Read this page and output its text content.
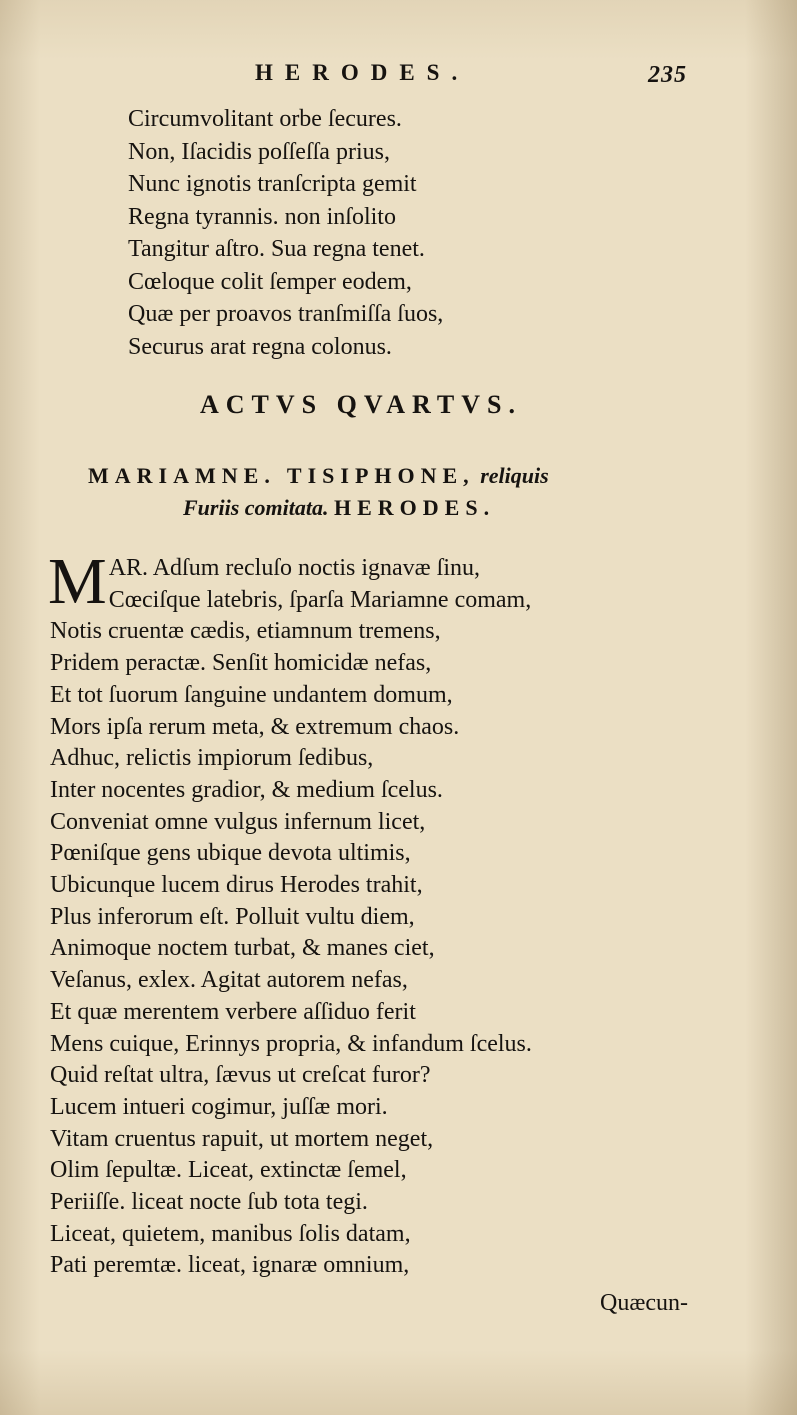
HERODES.	235
Circumvolitant orbe ſecures.
Non, Iſacidis poſſeſſa prius,
Nunc ignotis tranſcripta gemit
Regna tyrannis. non inſolito
Tangitur aſtro. Sua regna tenet.
Cœloque colit ſemper eodem,
Quæ per proavos tranſmiſſa ſuos,
Securus arat regna colonus.
ACTVS QVARTVS.
MARIAMNE. TISIPHONE, reliquis
Furiis comitata. HERODES.
M AR. Adſum recluſo noctis ignavæ ſinu,
Cœciſque latebris, ſparſa Mariamne comam,
Notis cruentæ cædis, etiamnum tremens,
Pridem peractæ. Senſit homicidæ nefas,
Et tot ſuorum ſanguine undantem domum,
Mors ipſa rerum meta, & extremum chaos.
Adhuc, relictis impiorum ſedibus,
Inter nocentes gradior, & medium ſcelus.
Conveniat omne vulgus infernum licet,
Pœniſque gens ubique devota ultimis,
Ubicunque lucem dirus Herodes trahit,
Plus inferorum eſt. Polluit vultu diem,
Animoque noctem turbat, & manes ciet,
Veſanus, exlex. Agitat autorem nefas,
Et quæ merentem verbere aſſiduo ferit
Mens cuique, Erinnys propria, & infandum ſcelus.
Quid reſtat ultra, ſævus ut creſcat furor?
Lucem intueri cogimur, juſſæ mori.
Vitam cruentus rapuit, ut mortem neget,
Olim ſepultæ. Liceat, extinctæ ſemel,
Periiſſe. liceat nocte ſub tota tegi.
Liceat, quietem, manibus ſolis datam,
Pati peremtæ. liceat, ignaræ omnium,
Quæcun-
